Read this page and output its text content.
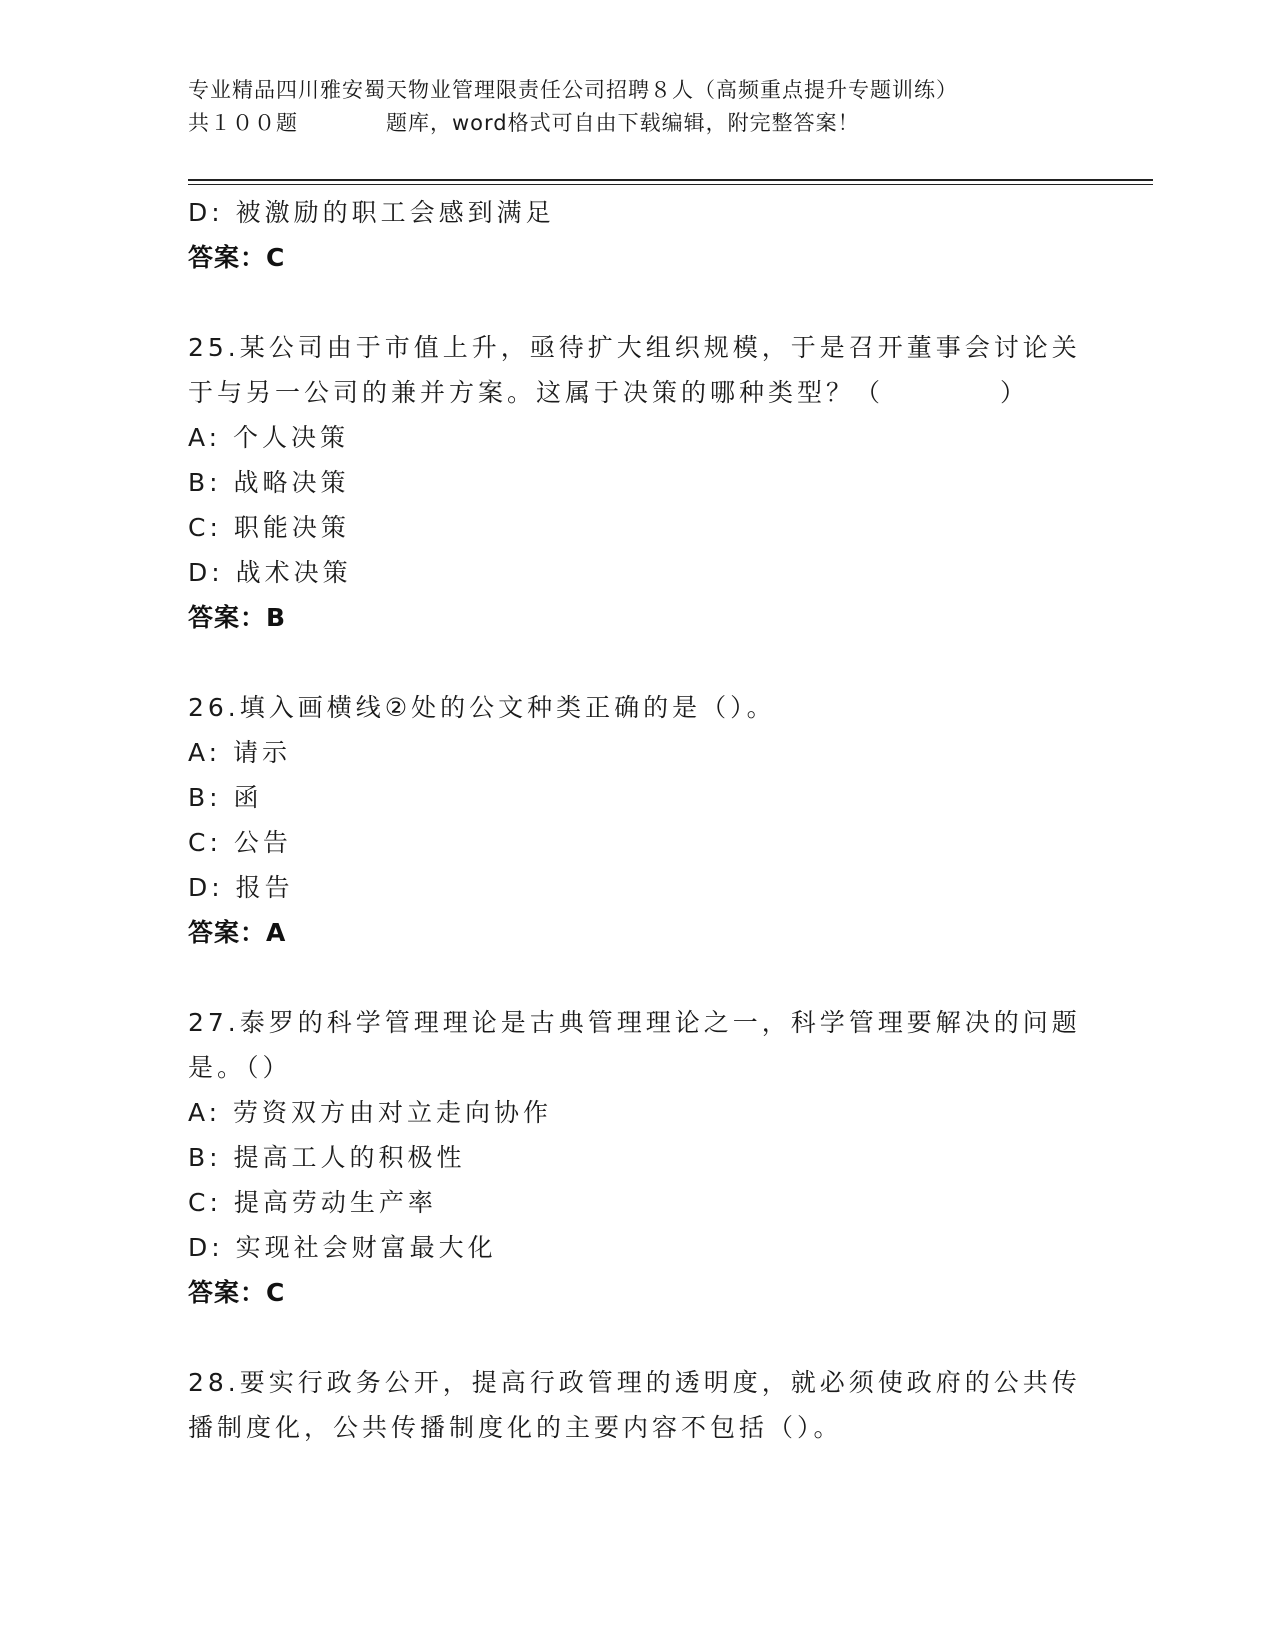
专业精品四川雅安蜀天物业管理限责任公司招聘８人（高频重点提升专题训练）
共１００题　　　　题库，word格式可自由下载编辑，附完整答案！
D: 被激励的职工会感到满足
答案：C
25.某公司由于市值上升，亟待扩大组织规模，于是召开董事会讨论关
于与另一公司的兼并方案。这属于决策的哪种类型？（　　　　）
A: 个人决策
B: 战略决策
C: 职能决策
D: 战术决策
答案：B
26.填入画横线②处的公文种类正确的是（）。
A: 请示
B: 函
C: 公告
D: 报告
答案：A
27.泰罗的科学管理理论是古典管理理论之一，科学管理要解决的问题
是。（）
A: 劳资双方由对立走向协作
B: 提高工人的积极性
C: 提高劳动生产率
D: 实现社会财富最大化
答案：C
28.要实行政务公开，提高行政管理的透明度，就必须使政府的公共传
播制度化，公共传播制度化的主要内容不包括（）。
